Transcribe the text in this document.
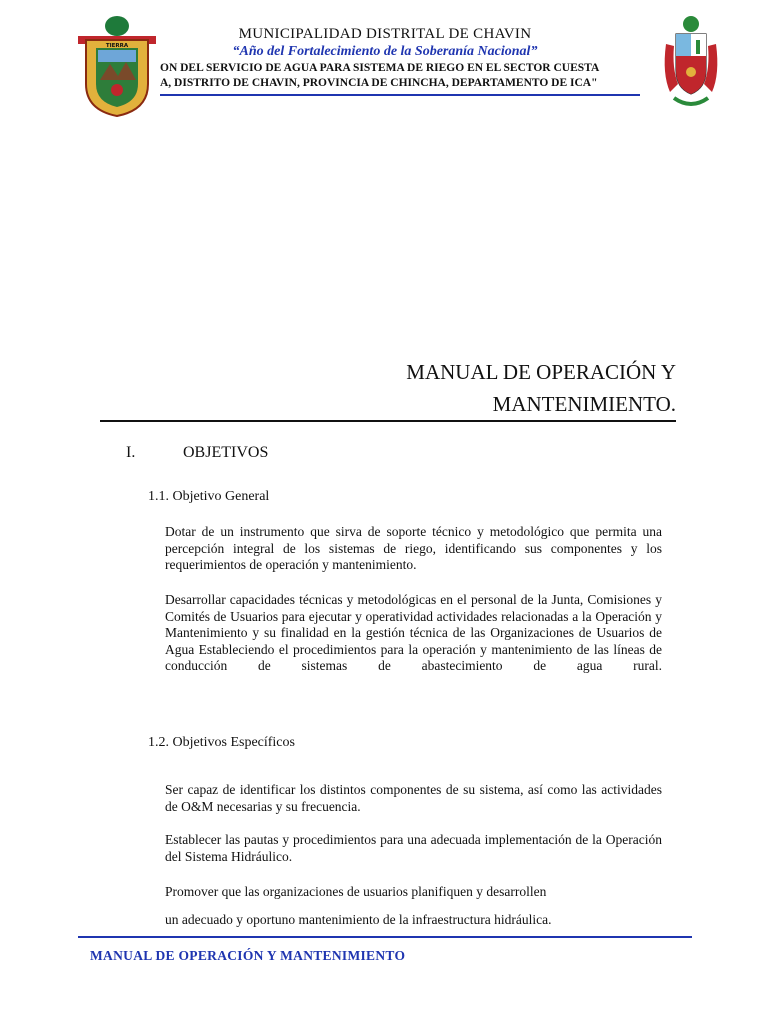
TIERRA
MUNICIPALIDAD DISTRITAL DE CHAVIN
“Año del Fortalecimiento de la Soberanía Nacional”
ON DEL SERVICIO DE AGUA PARA SISTEMA DE RIEGO EN EL SECTOR CUESTA
A, DISTRITO DE CHAVIN, PROVINCIA DE CHINCHA, DEPARTAMENTO DE ICA"
MANUAL DE OPERACIÓN Y
MANTENIMIENTO.
I.	OBJETIVOS
1.1. Objetivo General
Dotar de un instrumento que sirva de soporte técnico y metodológico que permita una percepción integral de los sistemas de riego, identificando sus componentes y los requerimientos de operación y mantenimiento.
Desarrollar capacidades técnicas y metodológicas en el personal de la Junta, Comisiones y Comités de Usuarios para ejecutar y operatividad actividades relacionadas a la Operación y Mantenimiento y su finalidad en la gestión técnica de las Organizaciones de Usuarios de Agua Estableciendo el procedimientos para la operación y mantenimiento de las líneas de conducción de sistemas de abastecimiento de agua rural.
1.2. Objetivos Específicos
Ser capaz de identificar los distintos componentes de su sistema, así como las actividades de O&M necesarias y su frecuencia.
Establecer las pautas y procedimientos para una adecuada implementación de la Operación del Sistema Hidráulico.
Promover que las organizaciones de usuarios planifiquen y desarrollen
un adecuado y oportuno mantenimiento de la infraestructura hidráulica.
MANUAL DE OPERACIÓN Y MANTENIMIENTO
